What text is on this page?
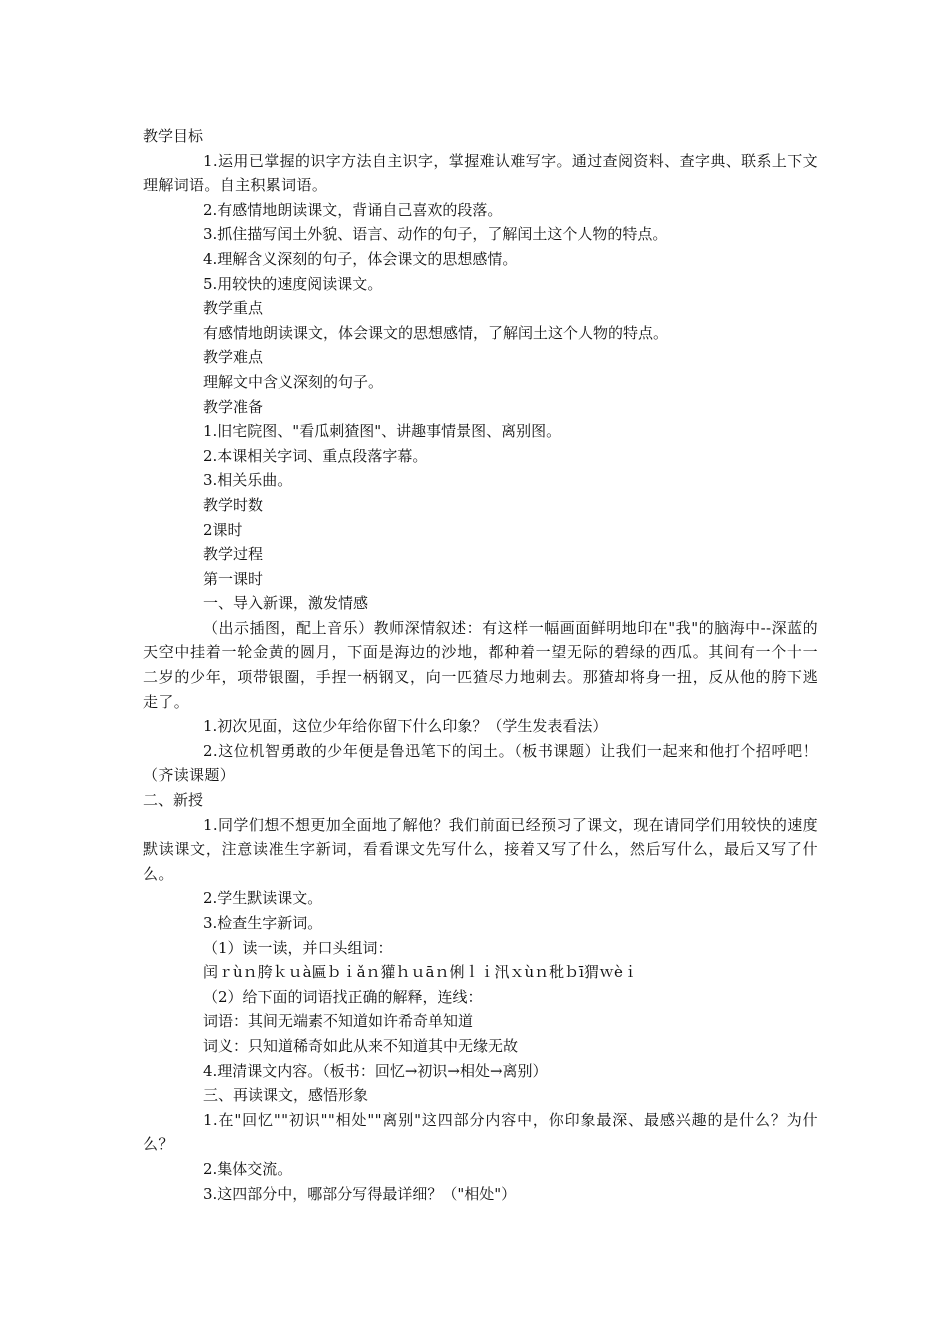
教学目标

1.运用已掌握的识字方法自主识字，掌握难认难写字。通过查阅资料、查字典、联系上下文理解词语。自主积累词语。

2.有感情地朗读课文，背诵自己喜欢的段落。
3.抓住描写闰土外貌、语言、动作的句子，了解闰土这个人物的特点。
4.理解含义深刻的句子，体会课文的思想感情。
5.用较快的速度阅读课文。
教学重点
有感情地朗读课文，体会课文的思想感情，了解闰土这个人物的特点。
教学难点
理解文中含义深刻的句子。
教学准备
1.旧宅院图、"看瓜刺猹图"、讲趣事情景图、离别图。
2.本课相关字词、重点段落字幕。
3.相关乐曲。
教学时数
2课时
教学过程
第一课时
一、导入新课，激发情感

（出示插图，配上音乐）教师深情叙述：有这样一幅画面鲜明地印在"我"的脑海中--深蓝的天空中挂着一轮金黄的圆月，下面是海边的沙地，都种着一望无际的碧绿的西瓜。其间有一个十一二岁的少年，项带银圈，手捏一柄钢叉，向一匹猹尽力地刺去。那猹却将身一扭，反从他的胯下逃走了。

1.初次见面，这位少年给你留下什么印象？（学生发表看法）

2.这位机智勇敢的少年便是鲁迅笔下的闰土。（板书课题）让我们一起来和他打个招呼吧！（齐读课题）

二、新授

1.同学们想不想更加全面地了解他？我们前面已经预习了课文，现在请同学们用较快的速度默读课文，注意读准生字新词，看看课文先写什么，接着又写了什么，然后写什么，最后又写了什么。

2.学生默读课文。
3.检查生字新词。
（1）读一读，并口头组词：
闰ｒùｎ胯ｋｕà匾ｂｉǎｎ獾ｈｕāｎ俐ｌｉ̀汛ｘùｎ秕ｂī猬ｗèｉ
（2）给下面的词语找正确的解释，连线：
词语：其间无端素不知道如许希奇单知道
词义：只知道稀奇如此从来不知道其中无缘无故
4.理清课文内容。（板书：回忆→初识→相处→离别）
三、再读课文，感悟形象

1.在"回忆""初识""相处""离别"这四部分内容中，你印象最深、最感兴趣的是什么？为什么？

2.集体交流。
3.这四部分中，哪部分写得最详细？（"相处"）
